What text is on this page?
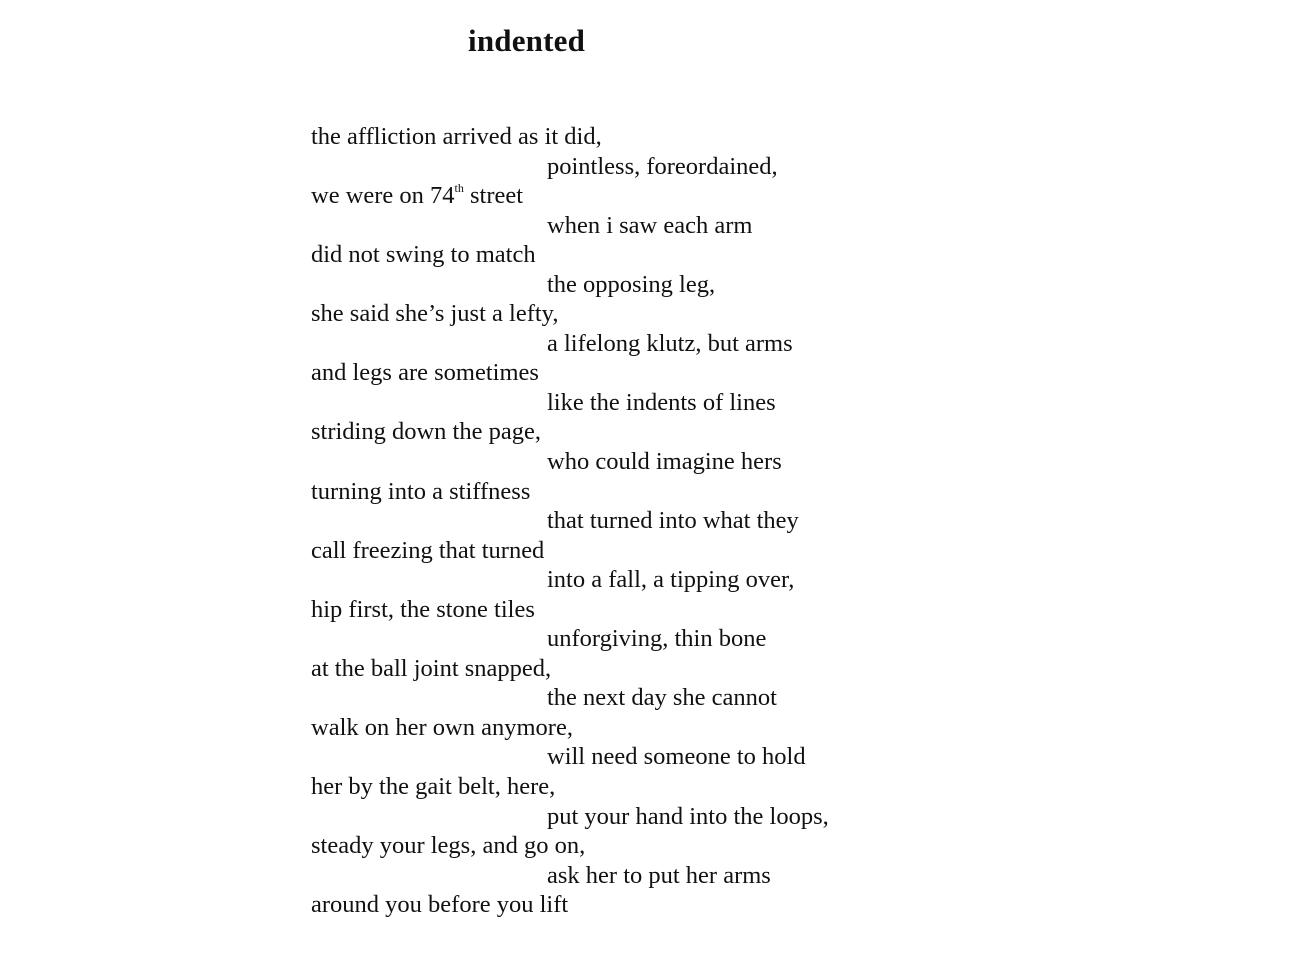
indented
the affliction arrived as it did,
pointless, foreordained,
we were on 74th street
when i saw each arm
did not swing to match
the opposing leg,
she said she’s just a lefty,
a lifelong klutz, but arms
and legs are sometimes
like the indents of lines
striding down the page,
who could imagine hers
turning into a stiffness
that turned into what they
call freezing that turned
into a fall, a tipping over,
hip first, the stone tiles
unforgiving, thin bone
at the ball joint snapped,
the next day she cannot
walk on her own anymore,
will need someone to hold
her by the gait belt, here,
put your hand into the loops,
steady your legs, and go on,
ask her to put her arms
around you before you lift
